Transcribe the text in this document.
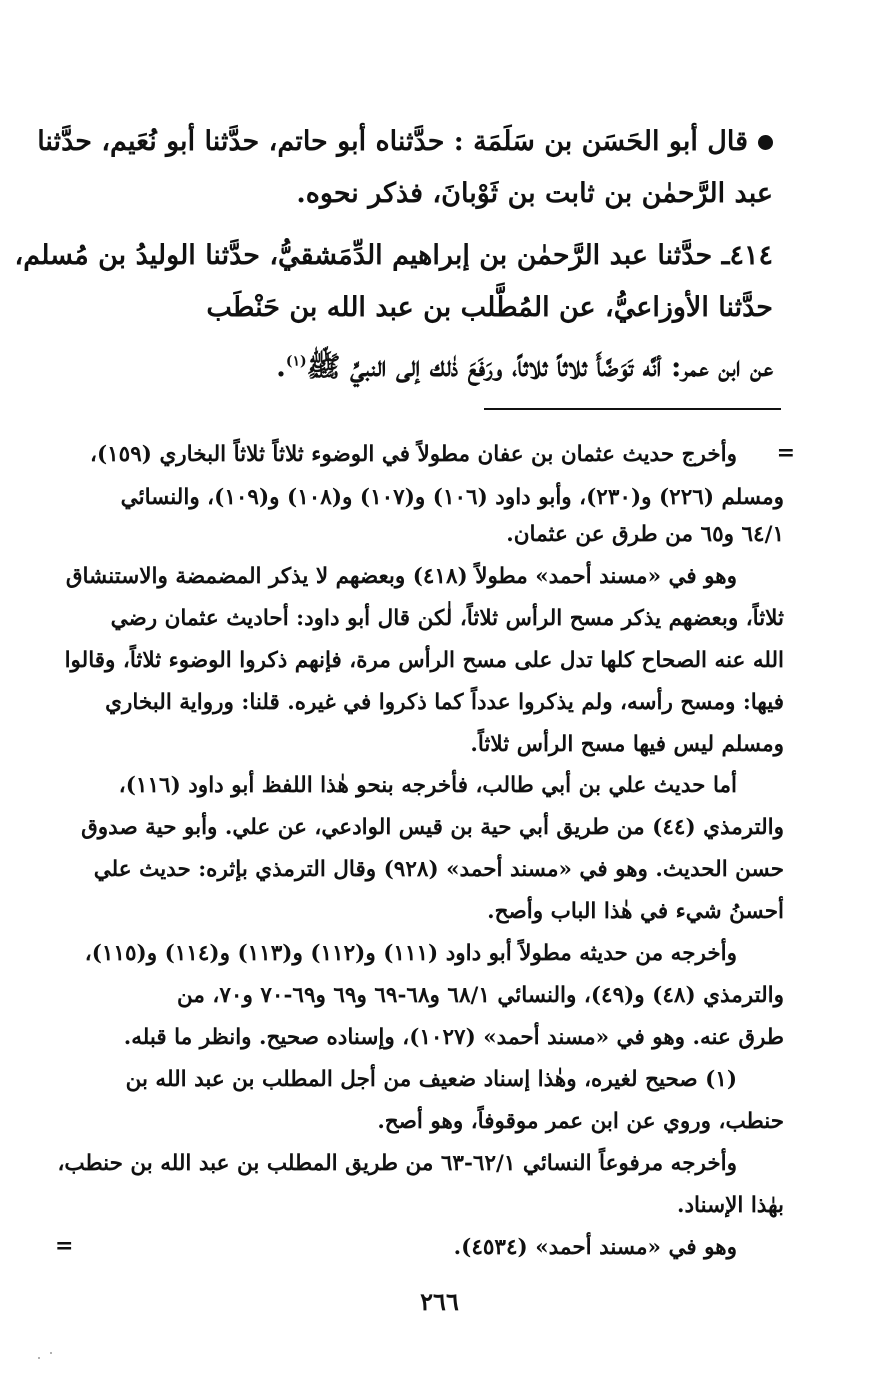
قال أبو الحَسَن بن سَلَمَة : حدَّثناه أبو حاتم، حدَّثنا أبو نُعَيم، حدَّثنا
عبد الرَّحمٰن بن ثابت بن ثَوْبانَ، فذكر نحوه.
٤١٤ـ حدَّثنا عبد الرَّحمٰن بن إبراهيم الدِّمَشقيُّ، حدَّثنا الوليدُ بن مُسلم،
حدَّثنا الأوزاعيُّ، عن المُطَّلب بن عبد الله بن حَنْطَب
عن ابن عمر: أنَّه تَوَضَّأَ ثلاثاً ثلاثاً، ورَفَعَ ذٰلك إلى النبيِّ ﷺ$^{(١)}$.
=
وأخرج حديث عثمان بن عفان مطولاً في الوضوء ثلاثاً ثلاثاً البخاري (١٥٩)،
ومسلم (٢٢٦) و(٢٣٠)، وأبو داود (١٠٦) و(١٠٧) و(١٠٨) و(١٠٩)، والنسائي
٦٤/١ و٦٥ من طرق عن عثمان.
وهو في «مسند أحمد» مطولاً (٤١٨) وبعضهم لا يذكر المضمضة والاستنشاق
ثلاثاً، وبعضهم يذكر مسح الرأس ثلاثاً، لٰكن قال أبو داود: أحاديث عثمان رضي
الله عنه الصحاح كلها تدل على مسح الرأس مرة، فإنهم ذكروا الوضوء ثلاثاً، وقالوا
فيها: ومسح رأسه، ولم يذكروا عدداً كما ذكروا في غيره. قلنا: ورواية البخاري
ومسلم ليس فيها مسح الرأس ثلاثاً.
أما حديث علي بن أبي طالب، فأخرجه بنحو هٰذا اللفظ أبو داود (١١٦)،
والترمذي (٤٤) من طريق أبي حية بن قيس الوادعي، عن علي. وأبو حية صدوق
حسن الحديث. وهو في «مسند أحمد» (٩٢٨) وقال الترمذي بإثره: حديث علي
أحسنُ شيء في هٰذا الباب وأصح.
وأخرجه من حديثه مطولاً أبو داود (١١١) و(١١٢) و(١١٣) و(١١٤) و(١١٥)،
والترمذي (٤٨) و(٤٩)، والنسائي ٦٨/١ و٦٨-٦٩ و٦٩ و٦٩-٧٠ و٧٠، من
طرق عنه. وهو في «مسند أحمد» (١٠٢٧)، وإسناده صحيح. وانظر ما قبله.
(١) صحيح لغيره، وهٰذا إسناد ضعيف من أجل المطلب بن عبد الله بن
حنطب، وروي عن ابن عمر موقوفاً، وهو أصح.
وأخرجه مرفوعاً النسائي ٦٢/١-٦٣ من طريق المطلب بن عبد الله بن حنطب،
بهٰذا الإسناد.
وهو في «مسند أحمد» (٤٥٣٤).
=
٢٦٦
